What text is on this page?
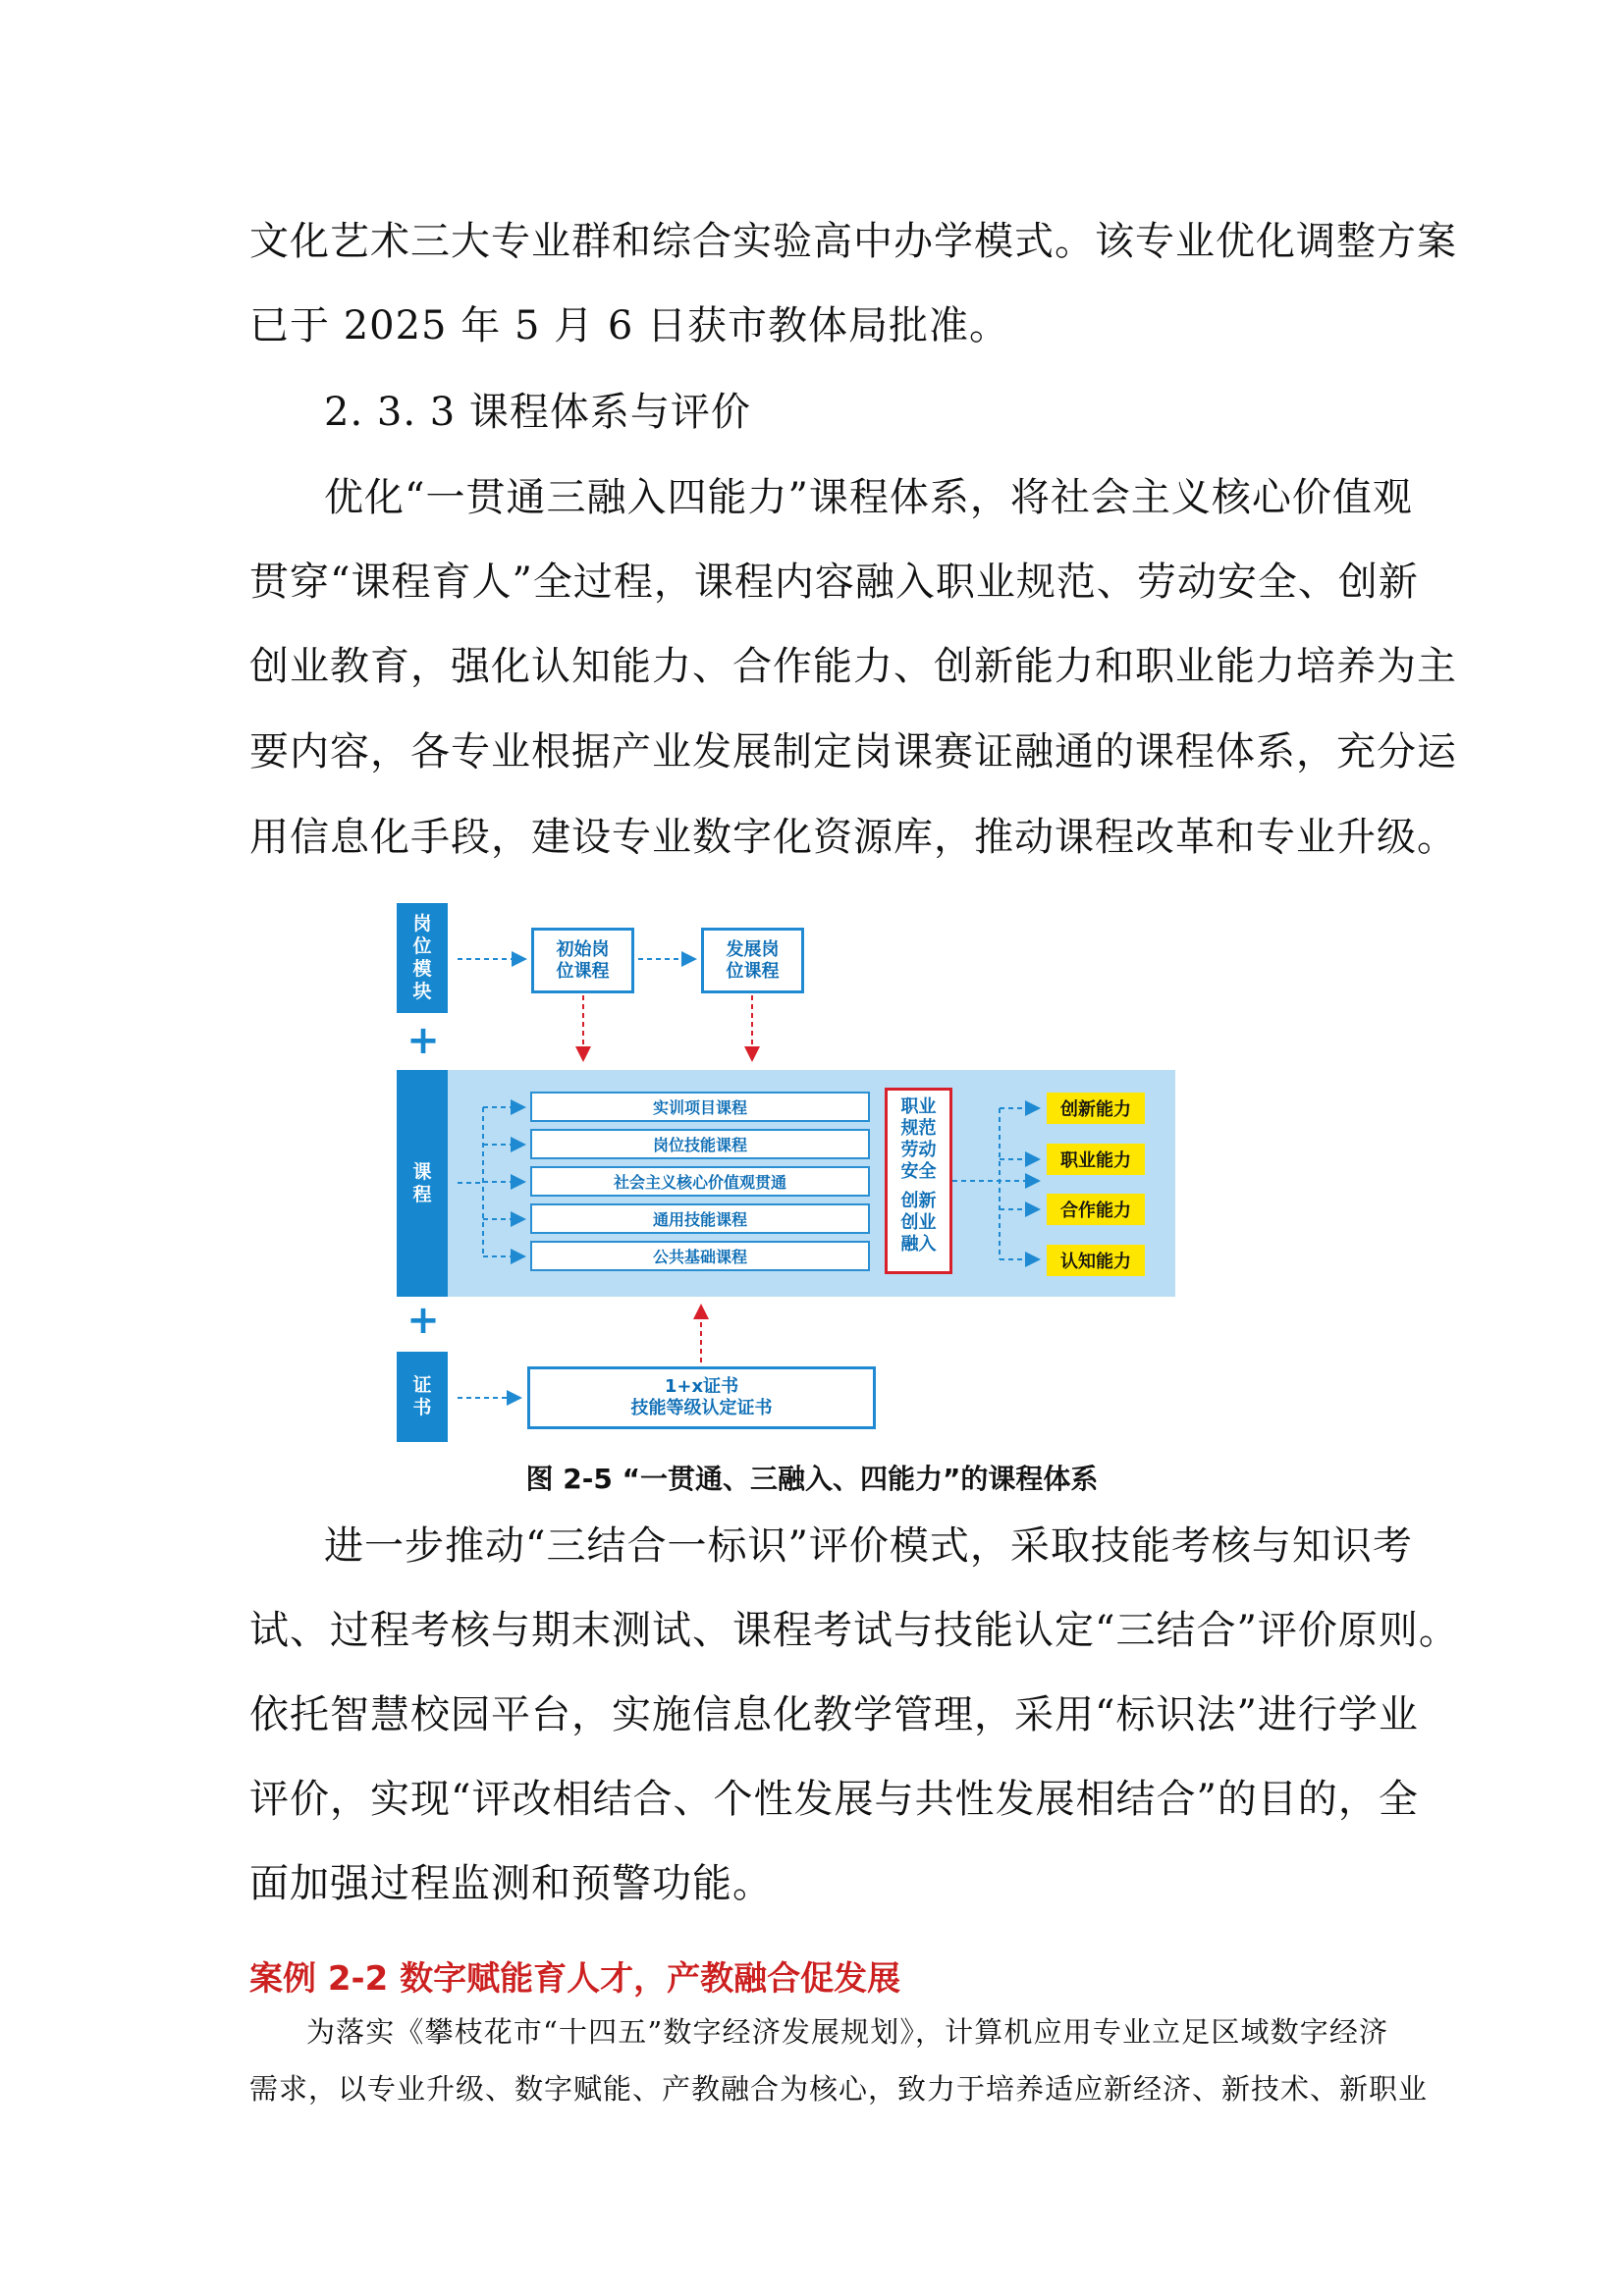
文化艺术三大专业群和综合实验高中办学模式。该专业优化调整方案
已于 2025 年 5 月 6 日获市教体局批准。
2. 3. 3 课程体系与评价
优化“一贯通三融入四能力”课程体系，将社会主义核心价值观
贯穿“课程育人”全过程，课程内容融入职业规范、劳动安全、创新
创业教育，强化认知能力、合作能力、创新能力和职业能力培养为主
要内容，各专业根据产业发展制定岗课赛证融通的课程体系，充分运
用信息化手段，建设专业数字化资源库，推动课程改革和专业升级。
岗位模块
+
课程
+
证书
初始岗位课程
发展岗位课程
实训项目课程
岗位技能课程
社会主义核心价值观贯通
通用技能课程
公共基础课程
职业
规范
劳动
安全
创新
创业
融入
创新能力
职业能力
合作能力
认知能力
1+x证书
技能等级认定证书
图 2-5 “一贯通、三融入、四能力”的课程体系
进一步推动“三结合一标识”评价模式，采取技能考核与知识考
试、过程考核与期末测试、课程考试与技能认定“三结合”评价原则。
依托智慧校园平台，实施信息化教学管理，采用“标识法”进行学业
评价，实现“评改相结合、个性发展与共性发展相结合”的目的，全
面加强过程监测和预警功能。
案例 2-2 数字赋能育人才，产教融合促发展
为落实《攀枝花市“十四五”数字经济发展规划》，计算机应用专业立足区域数字经济
需求，以专业升级、数字赋能、产教融合为核心，致力于培养适应新经济、新技术、新职业
